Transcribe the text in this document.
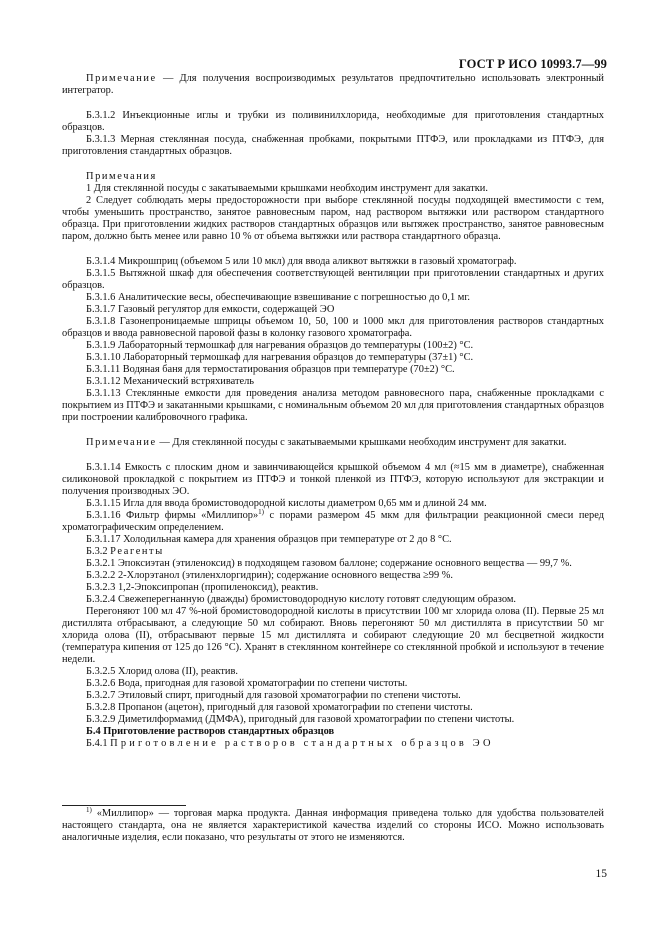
ГОСТ Р ИСО 10993.7—99

Примечание — Для получения воспроизводимых результатов предпочтительно использовать электронный интегратор.

Б.3.1.2 Инъекционные иглы и трубки из поливинилхлорида, необходимые для приготовления стандартных образцов.

Б.3.1.3 Мерная стеклянная посуда, снабженная пробками, покрытыми ПТФЭ, или прокладками из ПТФЭ, для приготовления стандартных образцов.

Примечания

1 Для стеклянной посуды с закатываемыми крышками необходим инструмент для закатки.

2 Следует соблюдать меры предосторожности при выборе стеклянной посуды подходящей вместимости с тем, чтобы уменьшить пространство, занятое равновесным паром, над раствором вытяжки или раствором стандартного образца. При приготовлении жидких растворов стандартных образцов или вытяжек пространство, занятое равновесным паром, должно быть менее или равно 10 % от объема вытяжки или раствора стандартного образца.

Б.3.1.4 Микрошприц (объемом 5 или 10 мкл) для ввода аликвот вытяжки в газовый хроматограф.

Б.3.1.5 Вытяжной шкаф для обеспечения соответствующей вентиляции при приготовлении стандартных и других образцов.

Б.3.1.6 Аналитические весы, обеспечивающие взвешивание с погрешностью до 0,1 мг.

Б.3.1.7 Газовый регулятор для емкости, содержащей ЭО

Б.3.1.8 Газонепроницаемые шприцы объемом 10, 50, 100 и 1000 мкл для приготовления растворов стандартных образцов и ввода равновесной паровой фазы в колонку газового хроматографа.

Б.3.1.9 Лабораторный термошкаф для нагревания образцов до температуры (100±2) °С.

Б.3.1.10 Лабораторный термошкаф для нагревания образцов до температуры (37±1) °С.

Б.3.1.11 Водяная баня для термостатирования образцов при температуре (70±2) °С.

Б.3.1.12 Механический встряхиватель

Б.3.1.13 Стеклянные емкости для проведения анализа методом равновесного пара, снабженные прокладками с покрытием из ПТФЭ и закатанными крышками, с номинальным объемом 20 мл для приготовления стандартных образцов при построении калибровочного графика.

Примечание — Для стеклянной посуды с закатываемыми крышками необходим инструмент для закатки.

Б.3.1.14 Емкость с плоским дном и завинчивающейся крышкой объемом 4 мл (≈15 мм в диаметре), снабженная силиконовой прокладкой с покрытием из ПТФЭ и тонкой пленкой из ПТФЭ, которую используют для экстракции и получения производных ЭО.

Б.3.1.15 Игла для ввода бромистоводородной кислоты диаметром 0,65 мм и длиной 24 мм.

Б.3.1.16 Фильтр фирмы «Миллипор»$^{1)}$ с порами размером 45 мкм для фильтрации реакционной смеси перед хроматографическим определением.

Б.3.1.17 Холодильная камера для хранения образцов при температуре от 2 до 8 °С.

Б.3.2 Реагенты

Б.3.2.1 Эпоксиэтан (этиленоксид) в подходящем газовом баллоне; содержание основного вещества — 99,7 %.

Б.3.2.2 2-Хлорэтанол (этиленхлоргидрин); содержание основного вещества ≥99 %.

Б.3.2.3 1,2-Эпоксипропан (пропиленоксид), реактив.

Б.3.2.4 Свежеперегнанную (дважды) бромистоводородную кислоту готовят следующим образом.

Перегоняют 100 мл 47 %-ной бромистоводородной кислоты в присутствии 100 мг хлорида олова (II). Первые 25 мл дистиллята отбрасывают, а следующие 50 мл собирают. Вновь перегоняют 50 мл дистиллята в присутствии 50 мг хлорида олова (II), отбрасывают первые 15 мл дистиллята и собирают следующие 20 мл бесцветной жидкости (температура кипения от 125 до 126 °С). Хранят в стеклянном контейнере со стеклянной пробкой и используют в течение недели.

Б.3.2.5 Хлорид олова (II), реактив.

Б.3.2.6 Вода, пригодная для газовой хроматографии по степени чистоты.

Б.3.2.7 Этиловый спирт, пригодный для газовой хроматографии по степени чистоты.

Б.3.2.8 Пропанон (ацетон), пригодный для газовой хроматографии по степени чистоты.

Б.3.2.9 Диметилформамид (ДМФА), пригодный для газовой хроматографии по степени чистоты.

Б.4 Приготовление растворов стандартных образцов

Б.4.1 Приготовление растворов стандартных образцов ЭО

$^{1)}$ «Миллипор» — торговая марка продукта. Данная информация приведена только для удобства пользователей настоящего стандарта, она не является характеристикой качества изделий со стороны ИСО. Можно использовать аналогичные изделия, если показано, что результаты от этого не изменяются.

15
